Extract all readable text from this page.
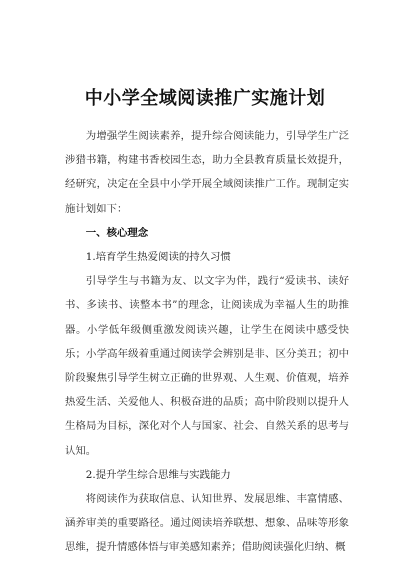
中小学全域阅读推广实施计划

为增强学生阅读素养，提升综合阅读能力，引导学生广泛涉猎书籍，构建书香校园生态，助力全县教育质量长效提升，经研究，决定在全县中小学开展全域阅读推广工作。现制定实施计划如下：

一、核心理念

1.培育学生热爱阅读的持久习惯

引导学生与书籍为友、以文字为伴，践行“爱读书、读好书、多读书、读整本书”的理念，让阅读成为幸福人生的助推器。小学低年级侧重激发阅读兴趣，让学生在阅读中感受快乐；小学高年级着重通过阅读学会辨别是非、区分美丑；初中阶段聚焦引导学生树立正确的世界观、人生观、价值观，培养热爱生活、关爱他人、积极奋进的品质；高中阶段则以提升人生格局为目标，深化对个人与国家、社会、自然关系的思考与认知。

2.提升学生综合思维与实践能力

将阅读作为获取信息、认知世界、发展思维、丰富情感、涵养审美的重要路径。通过阅读培养联想、想象、品味等形象思维，提升情感体悟与审美感知素养；借助阅读强化归纳、概
